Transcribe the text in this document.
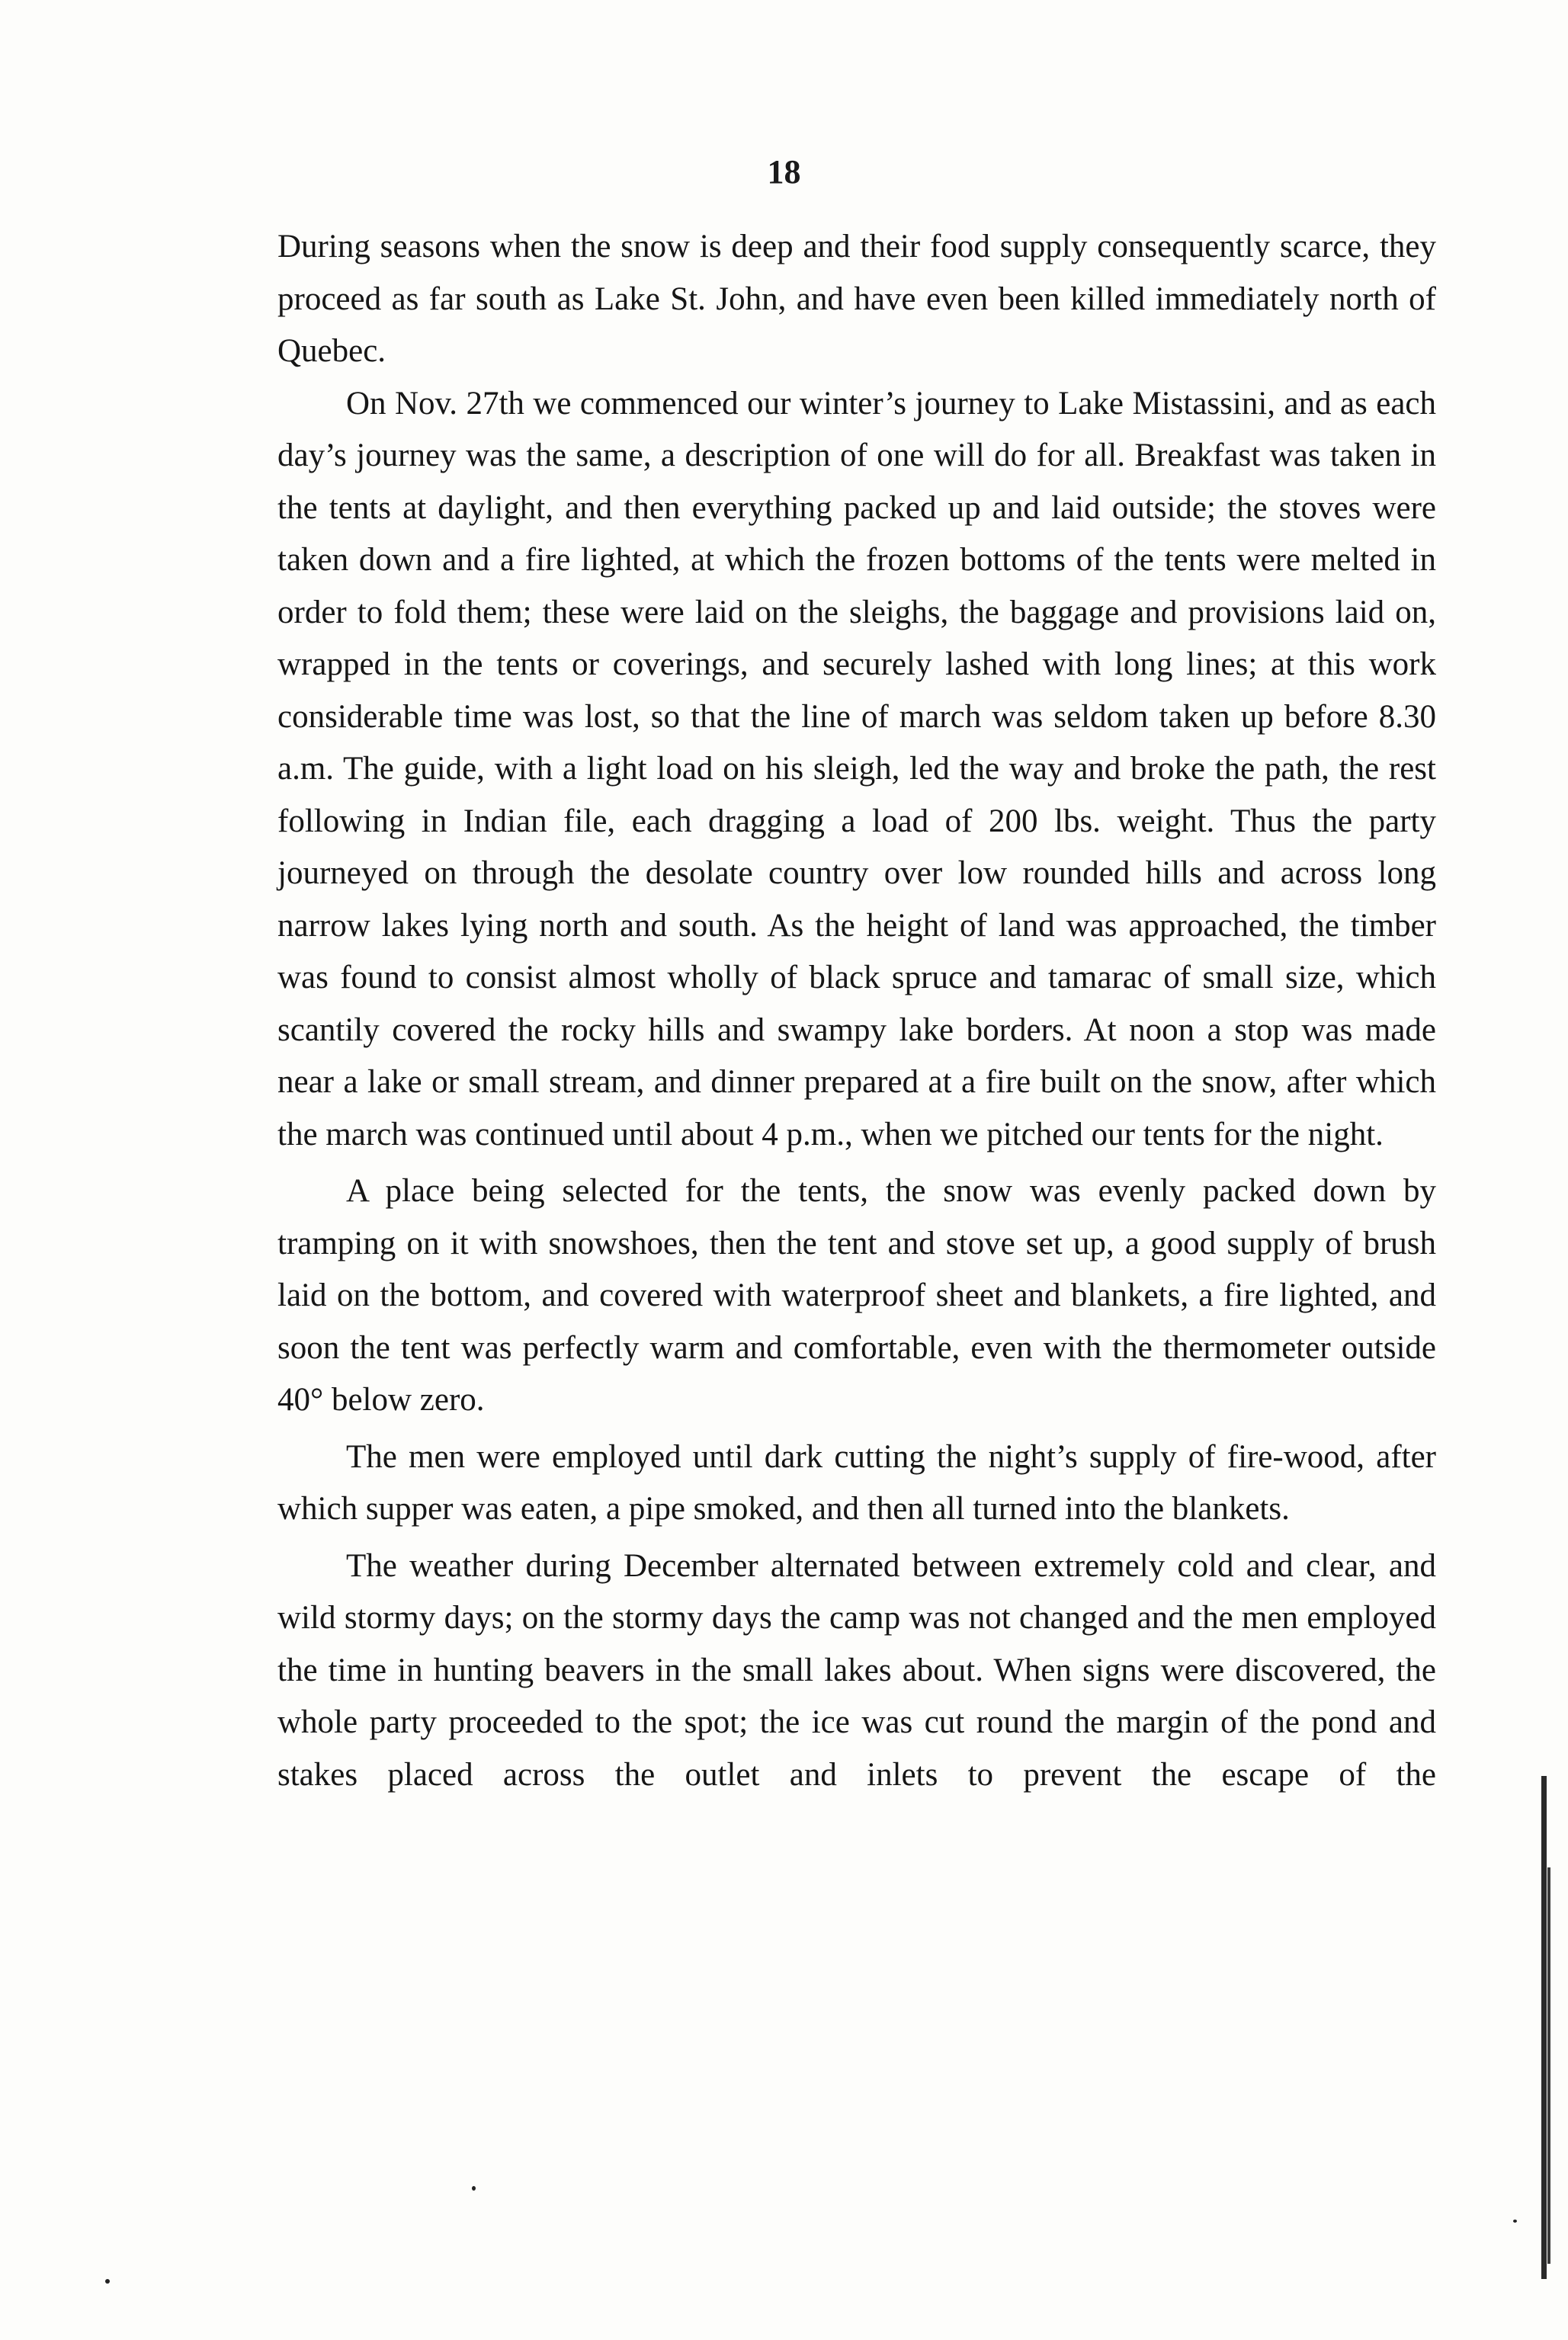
18

During seasons when the snow is deep and their food supply consequently scarce, they proceed as far south as Lake St. John, and have even been killed immediately north of Quebec.

On Nov. 27th we commenced our winter’s journey to Lake Mistassini, and as each day’s journey was the same, a description of one will do for all. Breakfast was taken in the tents at daylight, and then everything packed up and laid outside; the stoves were taken down and a fire lighted, at which the frozen bottoms of the tents were melted in order to fold them; these were laid on the sleighs, the baggage and provisions laid on, wrapped in the tents or coverings, and securely lashed with long lines; at this work considerable time was lost, so that the line of march was seldom taken up before 8.30 a.m. The guide, with a light load on his sleigh, led the way and broke the path, the rest following in Indian file, each dragging a load of 200 lbs. weight. Thus the party journeyed on through the desolate country over low rounded hills and across long narrow lakes lying north and south. As the height of land was approached, the timber was found to consist almost wholly of black spruce and tamarac of small size, which scantily covered the rocky hills and swampy lake borders. At noon a stop was made near a lake or small stream, and dinner prepared at a fire built on the snow, after which the march was continued until about 4 p.m., when we pitched our tents for the night.

A place being selected for the tents, the snow was evenly packed down by tramping on it with snowshoes, then the tent and stove set up, a good supply of brush laid on the bottom, and covered with waterproof sheet and blankets, a fire lighted, and soon the tent was perfectly warm and comfortable, even with the thermometer outside 40° below zero.

The men were employed until dark cutting the night’s supply of fire-wood, after which supper was eaten, a pipe smoked, and then all turned into the blankets.

The weather during December alternated between extremely cold and clear, and wild stormy days; on the stormy days the camp was not changed and the men employed the time in hunting beavers in the small lakes about. When signs were discovered, the whole party proceeded to the spot; the ice was cut round the margin of the pond and stakes placed across the outlet and inlets to prevent the escape of the
